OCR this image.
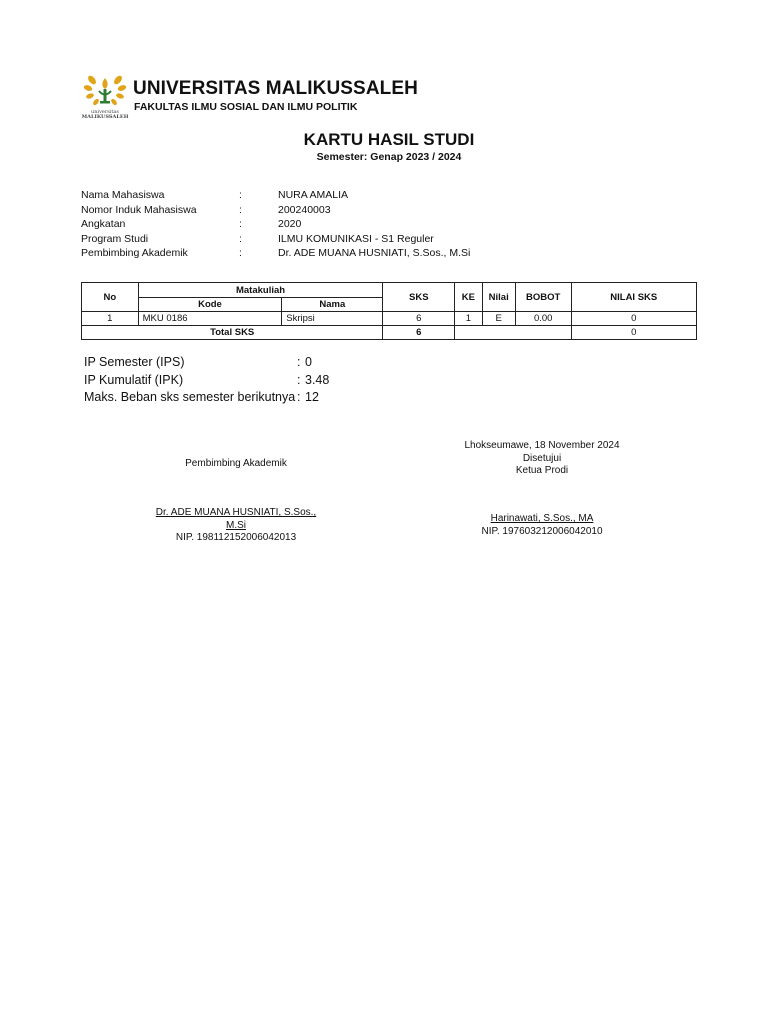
universitas
MALIKUSSALEH
UNIVERSITAS MALIKUSSALEH
FAKULTAS ILMU SOSIAL DAN ILMU POLITIK
KARTU HASIL STUDI
Semester: Genap 2023 / 2024
Nama Mahasiswa	:	NURA AMALIA
Nomor Induk Mahasiswa	:	200240003
Angkatan	:	2020
Program Studi	:	ILMU KOMUNIKASI - S1 Reguler
Pembimbing Akademik	:	Dr. ADE MUANA HUSNIATI, S.Sos., M.Si
No	Matakuliah		SKS	KE	Nilai	BOBOT	NILAI SKS
	Kode	Nama					
1	MKU 0186	Skripsi	6	1	E	0.00	0
Total SKS			6				0
IP Semester (IPS)	: 0
IP Kumulatif (IPK)	: 3.48
Maks. Beban sks semester berikutnya : 12
Pembimbing Akademik
Dr. ADE MUANA HUSNIATI, S.Sos.,
M.Si
NIP. 198112152006042013
Lhokseumawe, 18 November 2024
Disetujui
Ketua Prodi
Harinawati, S.Sos., MA
NIP. 197603212006042010
